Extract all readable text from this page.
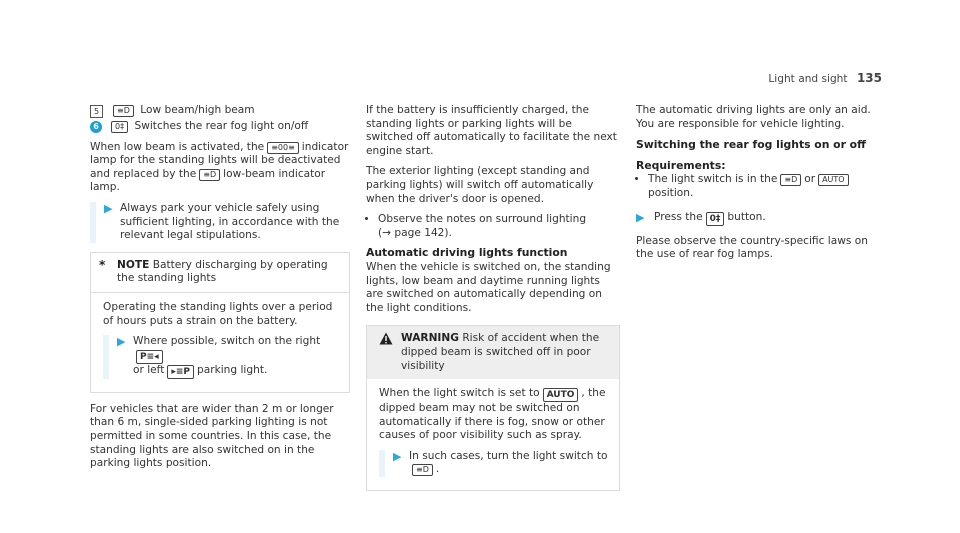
Light and sight 135
5	≡D Low beam/high beam
6	0‡ Switches the rear fog light on/off

When low beam is activated, the ≡00≡ indicator lamp for the standing lights will be deactivated and replaced by the ≡D low-beam indicator lamp.

▶ Always park your vehicle safely using sufficient lighting, in accordance with the relevant legal stipulations.
*	NOTE Battery discharging by operating the standing lights

Operating the standing lights over a period of hours puts a strain on the battery.

▶ Where possible, switch on the rightP≡◂
or left ▸≡P parking light.

For vehicles that are wider than 2 m or longer than 6 m, single-sided parking lighting is not permitted in some countries. In this case, the standing lights are also switched on in the parking lights position.

If the battery is insufficiently charged, the standing lights or parking lights will be switched off automatically to facilitate the next engine start.

The exterior lighting (except standing and parking lights) will switch off automatically when the driver's door is opened.

• Observe the notes on surround lighting
(→ page 142).
Automatic driving lights function

When the vehicle is switched on, the standing lights, low beam and daytime running lights are switched on automatically depending on the light conditions.

WARNING Risk of accident when the dipped beam is switched off in poor visibility

When the light switch is set to AUTO , the dipped beam may not be switched on automatically if there is fog, snow or other causes of poor visibility such as spray.

▶ In such cases, turn the light switch to
≡D .

The automatic driving lights are only an aid. You are responsible for vehicle lighting.

Switching the rear fog lights on or off
Requirements:
• The light switch is in the ≡D or AUTOposition.
▶ Press the 0‡ button.

Please observe the country-specific laws on the use of rear fog lamps.
